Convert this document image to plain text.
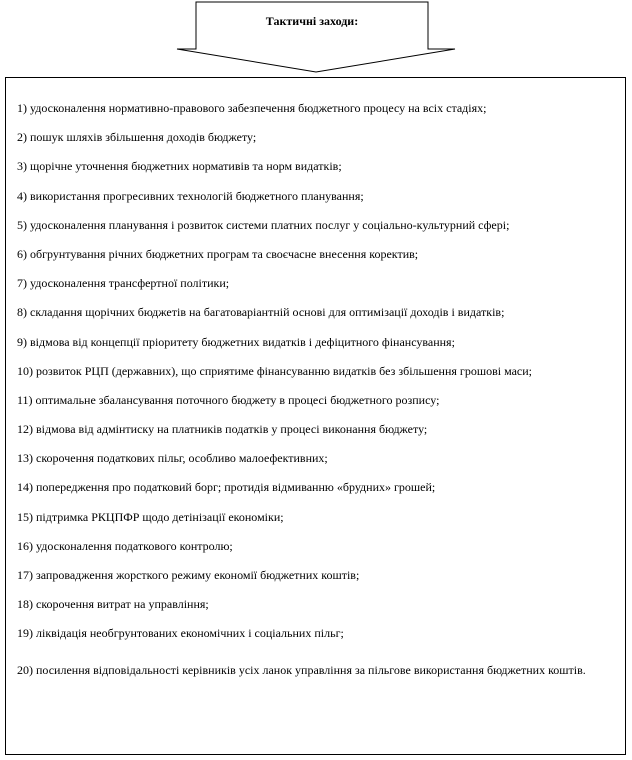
Тактичні заходи:
1) удосконалення нормативно-правового забезпечення бюджетного процесу на всіх стадіях;
2) пошук шляхів збільшення доходів бюджету;
3) щорічне уточнення бюджетних нормативів та норм видатків;
4) використання прогресивних технологій бюджетного планування;
5) удосконалення планування і розвиток системи платних послуг у соціально-культурний сфері;
6) обгрунтування річних бюджетних програм та своєчасне внесення коректив;
7) удосконалення трансфертної політики;
8) складання щорічних бюджетів на багатоваріантній основі для оптимізації доходів і видатків;
9) відмова від концепції пріоритету бюджетних видатків і дефіцитного фінансування;
10) розвиток РЦП (державних), що сприятиме фінансуванню видатків без збільшення грошові маси;
11) оптимальне збалансування поточного бюджету в процесі бюджетного розпису;
12) відмова від адмінтиску на платників податків у процесі виконання бюджету;
13) скорочення податкових пільг, особливо малоефективних;
14) попередження про податковий борг; протидія відмиванню «брудних» грошей;
15) підтримка РКЦПФР щодо детінізації економіки;
16) удосконалення податкового контролю;
17) запровадження жорсткого режиму економії бюджетних коштів;
18) скорочення витрат на управління;
19) ліквідація необгрунтованих економічних і соціальних пільг;
20) посилення відповідальності керівників усіх ланок управління за пільгове використання бюджетних коштів.
